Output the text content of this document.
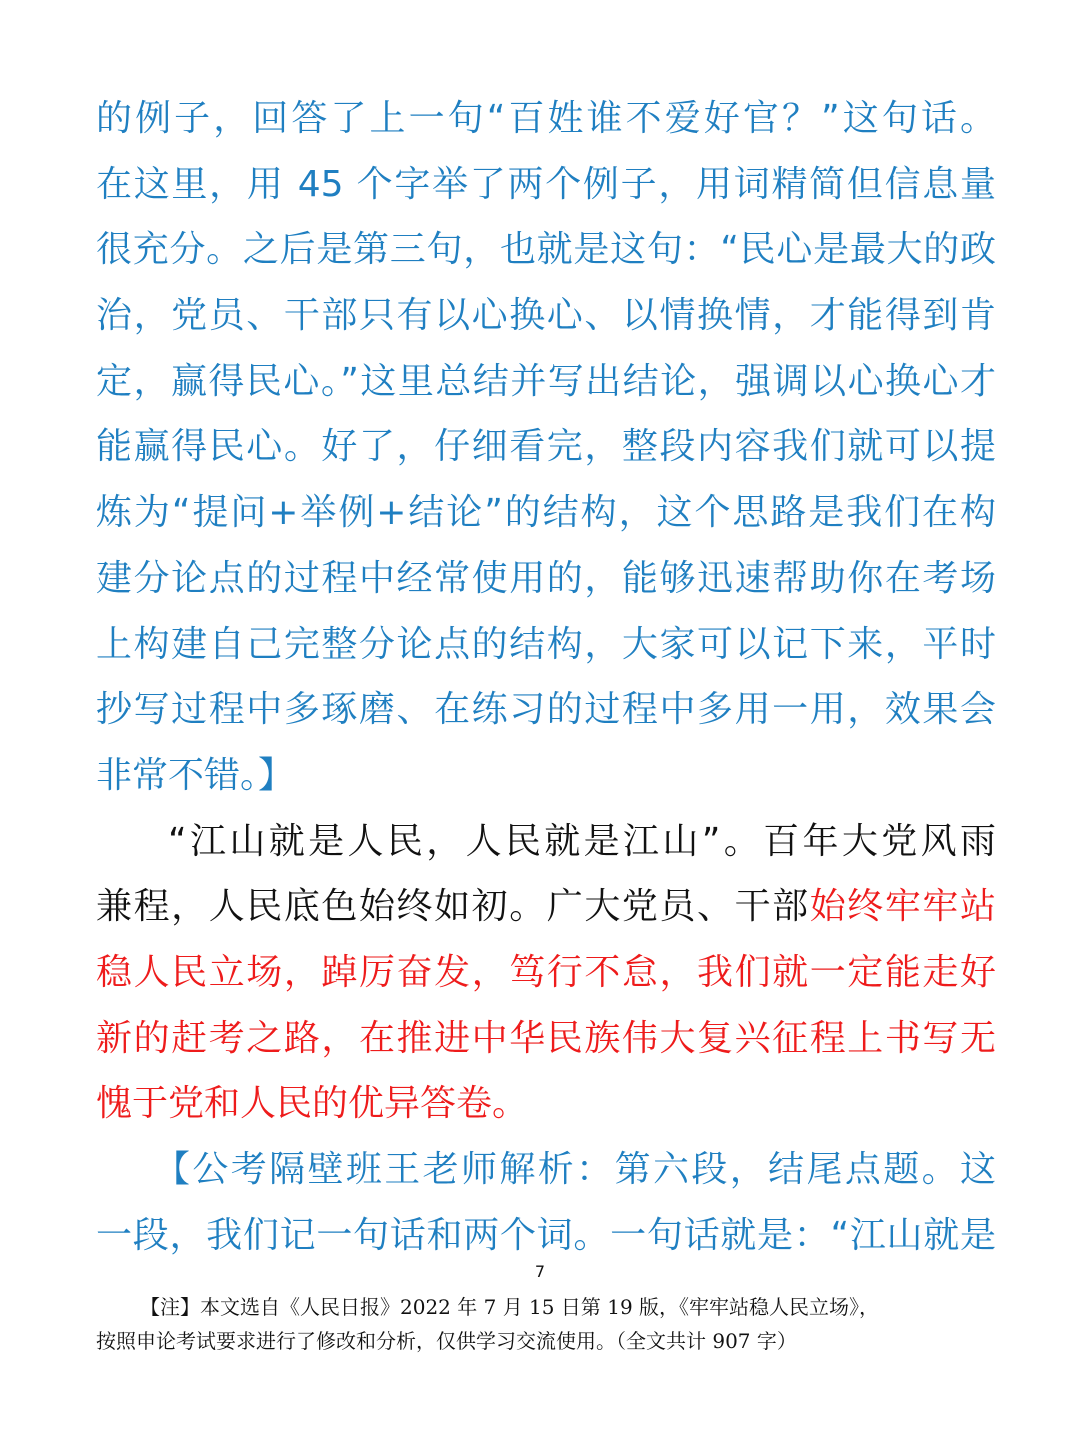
的例子，回答了上一句“百姓谁不爱好官？”这句话。
在这里，用 45 个字举了两个例子，用词精简但信息量
很充分。之后是第三句，也就是这句：“民心是最大的政
治，党员、干部只有以心换心、以情换情，才能得到肯
定，赢得民心。”这里总结并写出结论，强调以心换心才
能赢得民心。好了，仔细看完，整段内容我们就可以提
炼为“提问+举例+结论”的结构，这个思路是我们在构
建分论点的过程中经常使用的，能够迅速帮助你在考场
上构建自己完整分论点的结构，大家可以记下来，平时
抄写过程中多琢磨、在练习的过程中多用一用，效果会
非常不错。】
“江山就是人民，人民就是江山”。百年大党风雨
兼程，人民底色始终如初。广大党员、干部始终牢牢站
稳人民立场，踔厉奋发，笃行不怠，我们就一定能走好
新的赶考之路，在推进中华民族伟大复兴征程上书写无
愧于党和人民的优异答卷。
【公考隔壁班王老师解析：第六段，结尾点题。这
一段，我们记一句话和两个词。一句话就是：“江山就是
7
【注】本文选自《人民日报》2022 年 7 月 15 日第 19 版，《牢牢站稳人民立场》，
按照申论考试要求进行了修改和分析，仅供学习交流使用。（全文共计 907 字）
